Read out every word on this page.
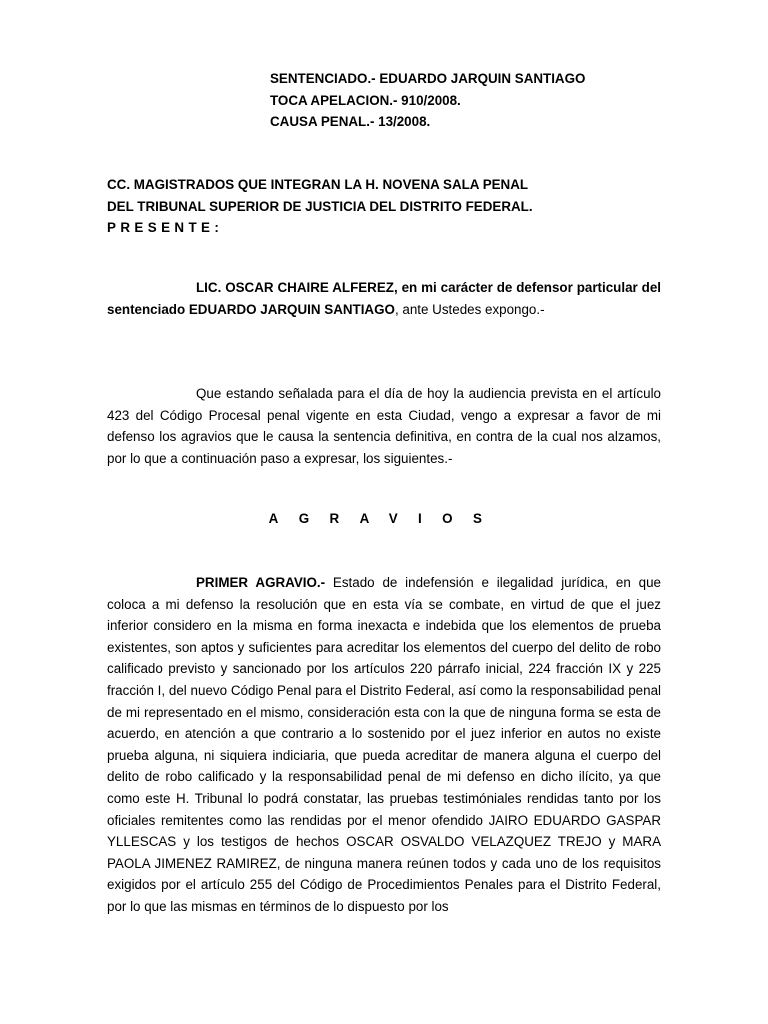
SENTENCIADO.- EDUARDO JARQUIN SANTIAGO
TOCA APELACION.- 910/2008.
CAUSA PENAL.- 13/2008.
CC. MAGISTRADOS QUE INTEGRAN LA H. NOVENA SALA PENAL
DEL TRIBUNAL SUPERIOR DE JUSTICIA DEL DISTRITO FEDERAL.
PRESENTE:

LIC. OSCAR CHAIRE ALFEREZ, en mi carácter de defensor particular del sentenciado EDUARDO JARQUIN SANTIAGO, ante Ustedes expongo.-

Que estando señalada para el día de hoy la audiencia prevista en el artículo 423 del Código Procesal penal vigente en esta Ciudad, vengo a expresar a favor de mi defenso los agravios que le causa la sentencia definitiva, en contra de la cual nos alzamos, por lo que a continuación paso a expresar, los siguientes.-

AGRAVIOS

PRIMER AGRAVIO.- Estado de indefensión e ilegalidad jurídica, en que coloca a mi defenso la resolución que en esta vía se combate, en virtud de que el juez inferior considero en la misma en forma inexacta e indebida que los elementos de prueba existentes, son aptos y suficientes para acreditar los elementos del cuerpo del delito de robo calificado previsto y sancionado por los artículos 220 párrafo inicial, 224 fracción IX y 225 fracción I, del nuevo Código Penal para el Distrito Federal, así como la responsabilidad penal de mi representado en el mismo, consideración esta con la que de ninguna forma se esta de acuerdo, en atención a que contrario a lo sostenido por el juez inferior en autos no existe prueba alguna, ni siquiera indiciaria, que pueda acreditar de manera alguna el cuerpo del delito de robo calificado y la responsabilidad penal de mi defenso en dicho ilícito, ya que como este H. Tribunal lo podrá constatar, las pruebas testimóniales rendidas tanto por los oficiales remitentes como las rendidas por el menor ofendido JAIRO EDUARDO GASPAR YLLESCAS y los testigos de hechos OSCAR OSVALDO VELAZQUEZ TREJO y MARA PAOLA JIMENEZ RAMIREZ, de ninguna manera reúnen todos y cada uno de los requisitos exigidos por el artículo 255 del Código de Procedimientos Penales para el Distrito Federal, por lo que las mismas en términos de lo dispuesto por los
